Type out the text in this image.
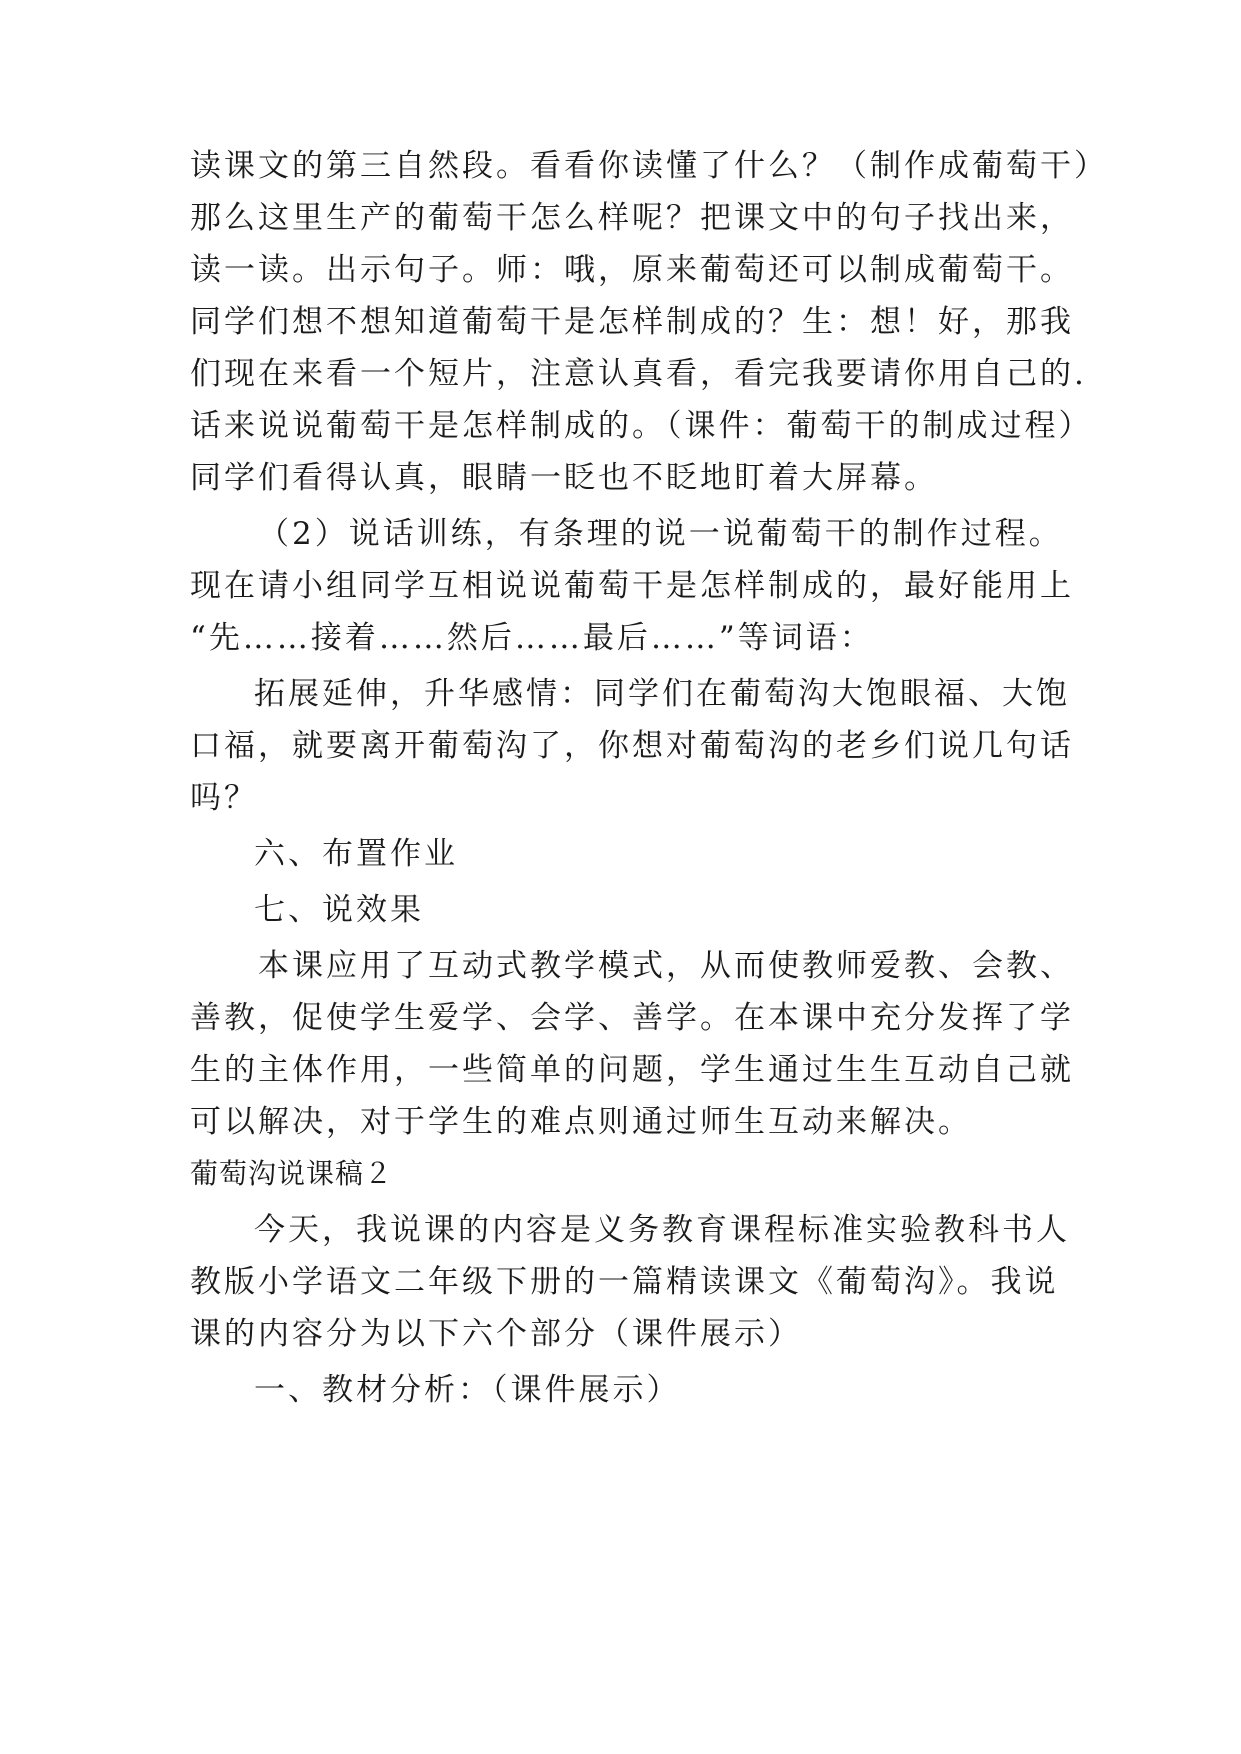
读课文的第三自然段。看看你读懂了什么？（制作成葡萄干）
那么这里生产的葡萄干怎么样呢？把课文中的句子找出来，
读一读。出示句子。师：哦，原来葡萄还可以制成葡萄干。
同学们想不想知道葡萄干是怎样制成的？生：想！好，那我
们现在来看一个短片，注意认真看，看完我要请你用自己的.
话来说说葡萄干是怎样制成的。（课件：葡萄干的制成过程）
同学们看得认真，眼睛一眨也不眨地盯着大屏幕。
（2）说话训练，有条理的说一说葡萄干的制作过程。
现在请小组同学互相说说葡萄干是怎样制成的，最好能用上
“先……接着……然后……最后……”等词语：
拓展延伸，升华感情：同学们在葡萄沟大饱眼福、大饱
口福，就要离开葡萄沟了，你想对葡萄沟的老乡们说几句话
吗？
六、布置作业
七、说效果
本课应用了互动式教学模式，从而使教师爱教、会教、
善教，促使学生爱学、会学、善学。在本课中充分发挥了学
生的主体作用，一些简单的问题，学生通过生生互动自己就
可以解决，对于学生的难点则通过师生互动来解决。
葡萄沟说课稿２
今天，我说课的内容是义务教育课程标准实验教科书人
教版小学语文二年级下册的一篇精读课文《葡萄沟》。我说
课的内容分为以下六个部分（课件展示）
一、教材分析：（课件展示）
